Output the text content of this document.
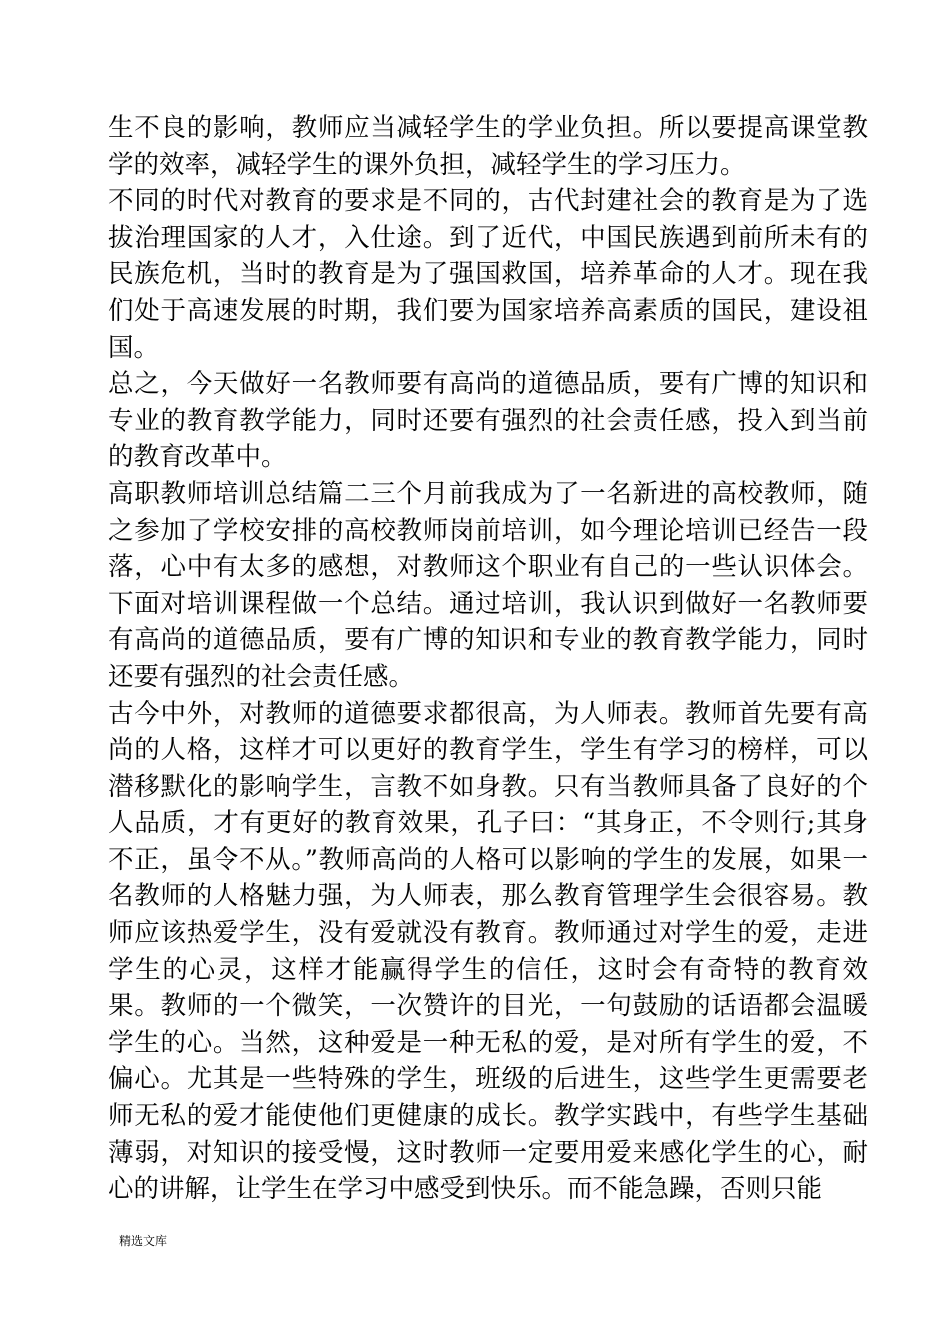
生不良的影响，教师应当减轻学生的学业负担。所以要提高课堂教学的效率，减轻学生的课外负担，减轻学生的学习压力。

不同的时代对教育的要求是不同的，古代封建社会的教育是为了选拔治理国家的人才，入仕途。到了近代，中国民族遇到前所未有的民族危机，当时的教育是为了强国救国，培养革命的人才。现在我们处于高速发展的时期，我们要为国家培养高素质的国民，建设祖国。

总之，今天做好一名教师要有高尚的道德品质，要有广博的知识和专业的教育教学能力，同时还要有强烈的社会责任感，投入到当前的教育改革中。

高职教师培训总结篇二三个月前我成为了一名新进的高校教师，随之参加了学校安排的高校教师岗前培训，如今理论培训已经告一段落，心中有太多的感想，对教师这个职业有自己的一些认识体会。下面对培训课程做一个总结。通过培训，我认识到做好一名教师要有高尚的道德品质，要有广博的知识和专业的教育教学能力，同时还要有强烈的社会责任感。

古今中外，对教师的道德要求都很高，为人师表。教师首先要有高尚的人格，这样才可以更好的教育学生，学生有学习的榜样，可以潜移默化的影响学生，言教不如身教。只有当教师具备了良好的个人品质，才有更好的教育效果，孔子曰：“其身正，不令则行;其身不正，虽令不从。”教师高尚的人格可以影响的学生的发展，如果一名教师的人格魅力强，为人师表，那么教育管理学生会很容易。教师应该热爱学生，没有爱就没有教育。教师通过对学生的爱，走进学生的心灵，这样才能赢得学生的信任，这时会有奇特的教育效果。教师的一个微笑，一次赞许的目光，一句鼓励的话语都会温暖学生的心。当然，这种爱是一种无私的爱，是对所有学生的爱，不偏心。尤其是一些特殊的学生，班级的后进生，这些学生更需要老师无私的爱才能使他们更健康的成长。教学实践中，有些学生基础薄弱，对知识的接受慢，这时教师一定要用爱来感化学生的心，耐心的讲解，让学生在学习中感受到快乐。而不能急躁，否则只能

精选文库
